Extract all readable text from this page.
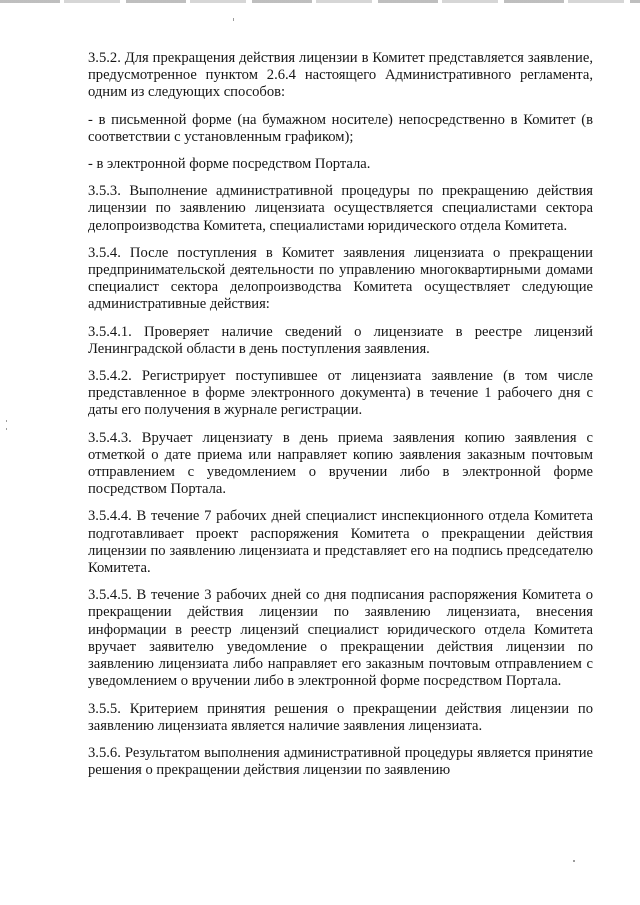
3.5.2. Для прекращения действия лицензии в Комитет представляется заявление, предусмотренное пунктом 2.6.4 настоящего Административного регламента, одним из следующих способов:

- в письменной форме (на бумажном носителе) непосредственно в Комитет (в соответствии с установленным графиком);

- в электронной форме посредством Портала.

3.5.3. Выполнение административной процедуры по прекращению действия лицензии по заявлению лицензиата осуществляется специалистами сектора делопроизводства Комитета, специалистами юридического отдела Комитета.

3.5.4. После поступления в Комитет заявления лицензиата о прекращении предпринимательской деятельности по управлению многоквартирными домами специалист сектора делопроизводства Комитета осуществляет следующие административные действия:

3.5.4.1. Проверяет наличие сведений о лицензиате в реестре лицензий Ленинградской области в день поступления заявления.

3.5.4.2. Регистрирует поступившее от лицензиата заявление (в том числе представленное в форме электронного документа) в течение 1 рабочего дня с даты его получения в журнале регистрации.

3.5.4.3. Вручает лицензиату в день приема заявления копию заявления с отметкой о дате приема или направляет копию заявления заказным почтовым отправлением с уведомлением о вручении либо в электронной форме посредством Портала.

3.5.4.4. В течение 7 рабочих дней специалист инспекционного отдела Комитета подготавливает проект распоряжения Комитета о прекращении действия лицензии по заявлению лицензиата и представляет его на подпись председателю Комитета.

3.5.4.5. В течение 3 рабочих дней со дня подписания распоряжения Комитета о прекращении действия лицензии по заявлению лицензиата, внесения информации в реестр лицензий специалист юридического отдела Комитета вручает заявителю уведомление о прекращении действия лицензии по заявлению лицензиата либо направляет его заказным почтовым отправлением с уведомлением о вручении либо в электронной форме посредством Портала.

3.5.5. Критерием принятия решения о прекращении действия лицензии по заявлению лицензиата является наличие заявления лицензиата.

3.5.6. Результатом выполнения административной процедуры является принятие решения о прекращении действия лицензии по заявлению
